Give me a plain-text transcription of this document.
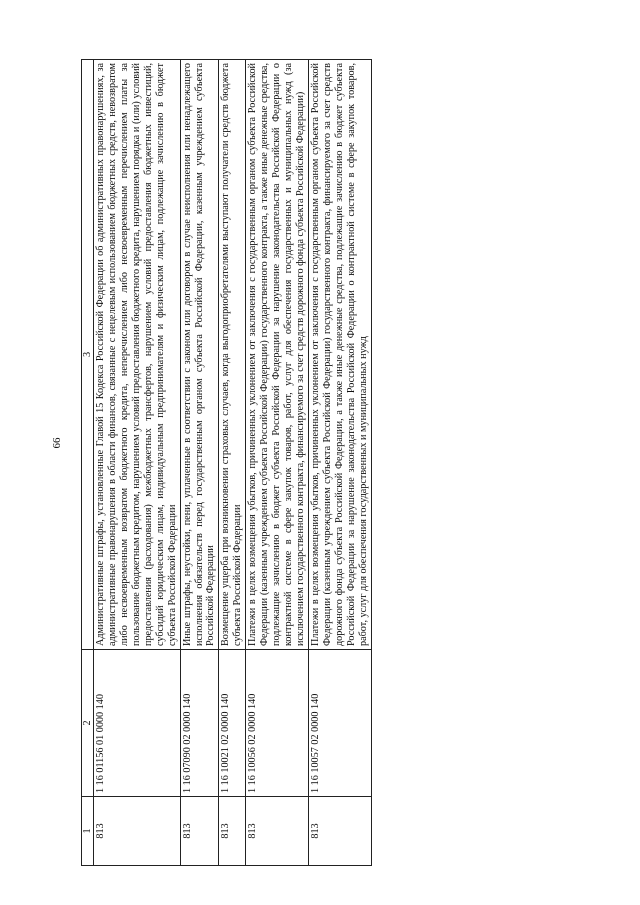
66
1	2	3
813	1 16 01156 01 0000 140	Административные штрафы, установленные Главой 15 Кодекса Российской Федерации об административных правонарушениях, за административные правонарушения в области финансов, связанные с нецелевым использованием бюджетных средств, невозвратом либо несвоевременным возвратом бюджетного кредита, неперечислением либо несвоевременным перечислением платы за пользование бюджетным кредитом, нарушением условий предоставления бюджетного кредита, нарушением порядка и (или) условий предоставления (расходования) межбюджетных трансфертов, нарушением условий предоставления бюджетных инвестиций, субсидий юридическим лицам, индивидуальным предпринимателям и физическим лицам, подлежащие зачислению в бюджет субъекта Российской Федерации
813	1 16 07090 02 0000 140	Иные штрафы, неустойки, пени, уплаченные в соответствии с законом или договором в случае неисполнения или ненадлежащего исполнения обязательств перед государственным органом субъекта Российской Федерации, казенным учреждением субъекта Российской Федерации
813	1 16 10021 02 0000 140	Возмещение ущерба при возникновении страховых случаев, когда выгодоприобретателями выступают получатели средств бюджета субъекта Российской Федерации
813	1 16 10056 02 0000 140	Платежи в целях возмещения убытков, причиненных уклонением от заключения с государственным органом субъекта Российской Федерации (казенным учреждением субъекта Российской Федерации) государственного контракта, а также иные денежные средства, подлежащие зачислению в бюджет субъекта Российской Федерации за нарушение законодательства Российской Федерации о контрактной системе в сфере закупок товаров, работ, услуг для обеспечения государственных и муниципальных нужд (за исключением государственного контракта, финансируемого за счет средств дорожного фонда субъекта Российской Федерации)
813	1 16 10057 02 0000 140	Платежи в целях возмещения убытков, причиненных уклонением от заключения с государственным органом субъекта Российской Федерации (казенным учреждением субъекта Российской Федерации) государственного контракта, финансируемого за счет средств дорожного фонда субъекта Российской Федерации, а также иные денежные средства, подлежащие зачислению в бюджет субъекта Российской Федерации за нарушение законодательства Российской Федерации о контрактной системе в сфере закупок товаров, работ, услуг для обеспечения государственных и муниципальных нужд
